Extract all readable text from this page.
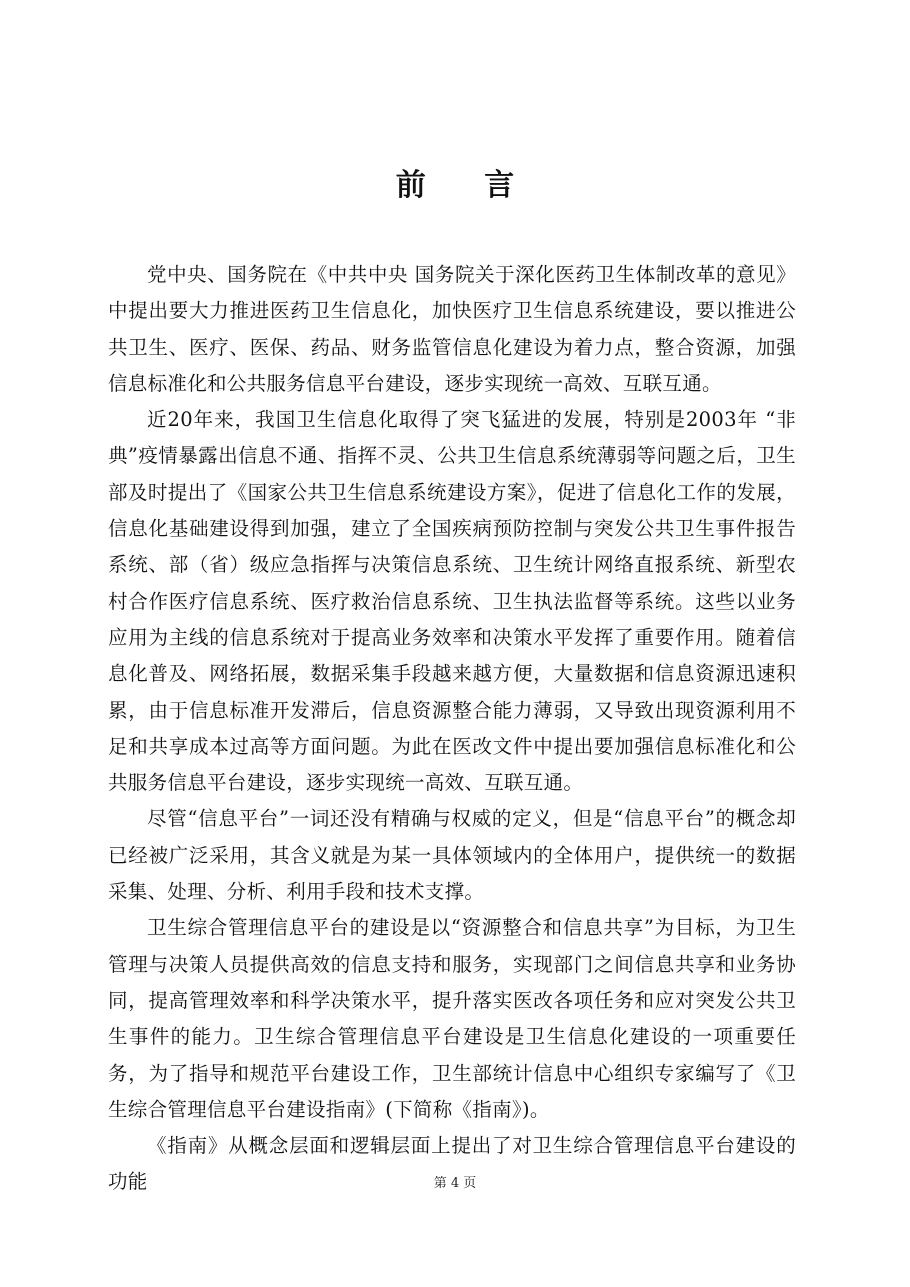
前 言

党中央、国务院在《中共中央 国务院关于深化医药卫生体制改革的意见》中提出要大力推进医药卫生信息化，加快医疗卫生信息系统建设，要以推进公共卫生、医疗、医保、药品、财务监管信息化建设为着力点，整合资源，加强信息标准化和公共服务信息平台建设，逐步实现统一高效、互联互通。

近20年来，我国卫生信息化取得了突飞猛进的发展，特别是2003年 “非典”疫情暴露出信息不通、指挥不灵、公共卫生信息系统薄弱等问题之后，卫生部及时提出了《国家公共卫生信息系统建设方案》，促进了信息化工作的发展，信息化基础建设得到加强，建立了全国疾病预防控制与突发公共卫生事件报告系统、部（省）级应急指挥与决策信息系统、卫生统计网络直报系统、新型农村合作医疗信息系统、医疗救治信息系统、卫生执法监督等系统。这些以业务应用为主线的信息系统对于提高业务效率和决策水平发挥了重要作用。随着信息化普及、网络拓展，数据采集手段越来越方便，大量数据和信息资源迅速积累，由于信息标准开发滞后，信息资源整合能力薄弱，又导致出现资源利用不足和共享成本过高等方面问题。为此在医改文件中提出要加强信息标准化和公共服务信息平台建设，逐步实现统一高效、互联互通。

尽管“信息平台”一词还没有精确与权威的定义，但是“信息平台”的概念却已经被广泛采用，其含义就是为某一具体领域内的全体用户，提供统一的数据采集、处理、分析、利用手段和技术支撑。

卫生综合管理信息平台的建设是以“资源整合和信息共享”为目标，为卫生管理与决策人员提供高效的信息支持和服务，实现部门之间信息共享和业务协同，提高管理效率和科学决策水平，提升落实医改各项任务和应对突发公共卫生事件的能力。卫生综合管理信息平台建设是卫生信息化建设的一项重要任务，为了指导和规范平台建设工作，卫生部统计信息中心组织专家编写了《卫生综合管理信息平台建设指南》(下简称《指南》)。

《指南》从概念层面和逻辑层面上提出了对卫生综合管理信息平台建设的功能	第 4 页
